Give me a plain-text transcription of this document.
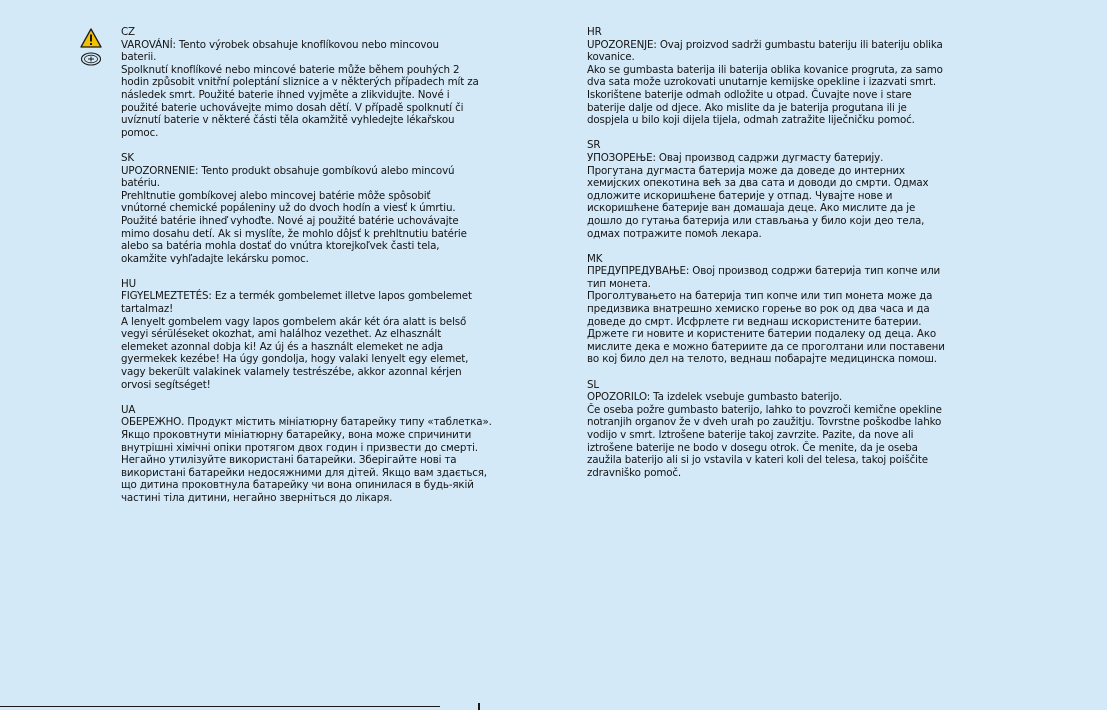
CZ

VAROVÁNÍ: Tento výrobek obsahuje knoflíkovou nebo mincovou

baterii.

Spolknutí knoflíkové nebo mincové baterie může během pouhých 2

hodin způsobit vnitřní poleptání sliznice a v některých případech mít za

následek smrt. Použité baterie ihned vyjměte a zlikvidujte. Nové i

použité baterie uchovávejte mimo dosah dětí. V případě spolknutí či

uvíznutí baterie v některé části těla okamžitě vyhledejte lékařskou

pomoc.

SK

UPOZORNENIE: Tento produkt obsahuje gombíkovú alebo mincovú

batériu.

Prehltnutie gombíkovej alebo mincovej batérie môže spôsobiť

vnútorné chemické popáleniny už do dvoch hodín a viesť k úmrtiu.

Použité batérie ihneď vyhoďte. Nové aj použité batérie uchovávajte

mimo dosahu detí. Ak si myslíte, že mohlo dôjsť k prehltnutiu batérie

alebo sa batéria mohla dostať do vnútra ktorejkoľvek časti tela,

okamžite vyhľadajte lekársku pomoc.

HU

FIGYELMEZTETÉS: Ez a termék gombelemet illetve lapos gombelemet

tartalmaz!

A lenyelt gombelem vagy lapos gombelem akár két óra alatt is belső

vegyi sérüléseket okozhat, ami halálhoz vezethet. Az elhasznált

elemeket azonnal dobja ki! Az új és a használt elemeket ne adja

gyermekek kezébe! Ha úgy gondolja, hogy valaki lenyelt egy elemet,

vagy bekerült valakinek valamely testrészébe, akkor azonnal kérjen

orvosi segítséget!

UA

ОБЕРЕЖНО. Продукт містить мініатюрну батарейку типу «таблетка».

Якщо проковтнути мініатюрну батарейку, вона може спричинити

внутрішні хімічні опіки протягом двох годин і призвести до смерті.

Негайно утилізуйте використані батарейки. Зберігайте нові та

використані батарейки недосяжними для дітей. Якщо вам здається,

що дитина проковтнула батарейку чи вона опинилася в будь-якій

частині тіла дитини, негайно зверніться до лікаря.

HR

UPOZORENJE: Ovaj proizvod sadrži gumbastu bateriju ili bateriju oblika

kovanice.

Ako se gumbasta baterija ili baterija oblika kovanice progruta, za samo

dva sata može uzrokovati unutarnje kemijske opekline i izazvati smrt.

Iskorištene baterije odmah odložite u otpad. Čuvajte nove i stare

baterije dalje od djece. Ako mislite da je baterija progutana ili je

dospjela u bilo koji dijela tijela, odmah zatražite liječničku pomoć.

SR

УПОЗОРЕЊЕ: Овај производ садржи дугмасту батерију.

Прогутана дугмаста батерија може да доведе до интерних

хемијских опекотина већ за два сата и доводи до смрти. Одмах

одложите искоришћене батерије у отпад. Чувајте нове и

искоришћене батерије ван домашаја деце. Ако мислите да је

дошло до гутања батерија или стављања у било који део тела,

одмах потражите помоћ лекара.

MK

ПРЕДУПРЕДУВАЊЕ: Овој производ содржи батерија тип копче или

тип монета.

Проголтувањето на батерија тип копче или тип монета може да

предизвика внатрешно хемиско горење во рок од два часа и да

доведе до смрт. Исфрлете ги веднаш искористените батерии.

Држете ги новите и користените батерии подалеку од деца. Ако

мислите дека е можно батериите да се проголтани или поставени

во кој било дел на телото, веднаш побарајте медицинска помош.

SL

OPOZORILO: Ta izdelek vsebuje gumbasto baterijo.

Če oseba požre gumbasto baterijo, lahko to povzroči kemične opekline

notranjih organov že v dveh urah po zaužitju. Tovrstne poškodbe lahko

vodijo v smrt. Iztrošene baterije takoj zavrzite. Pazite, da nove ali

iztrošene baterije ne bodo v dosegu otrok. Če menite, da je oseba

zaužila baterijo ali si jo vstavila v kateri koli del telesa, takoj poiščite

zdravniško pomoč.
